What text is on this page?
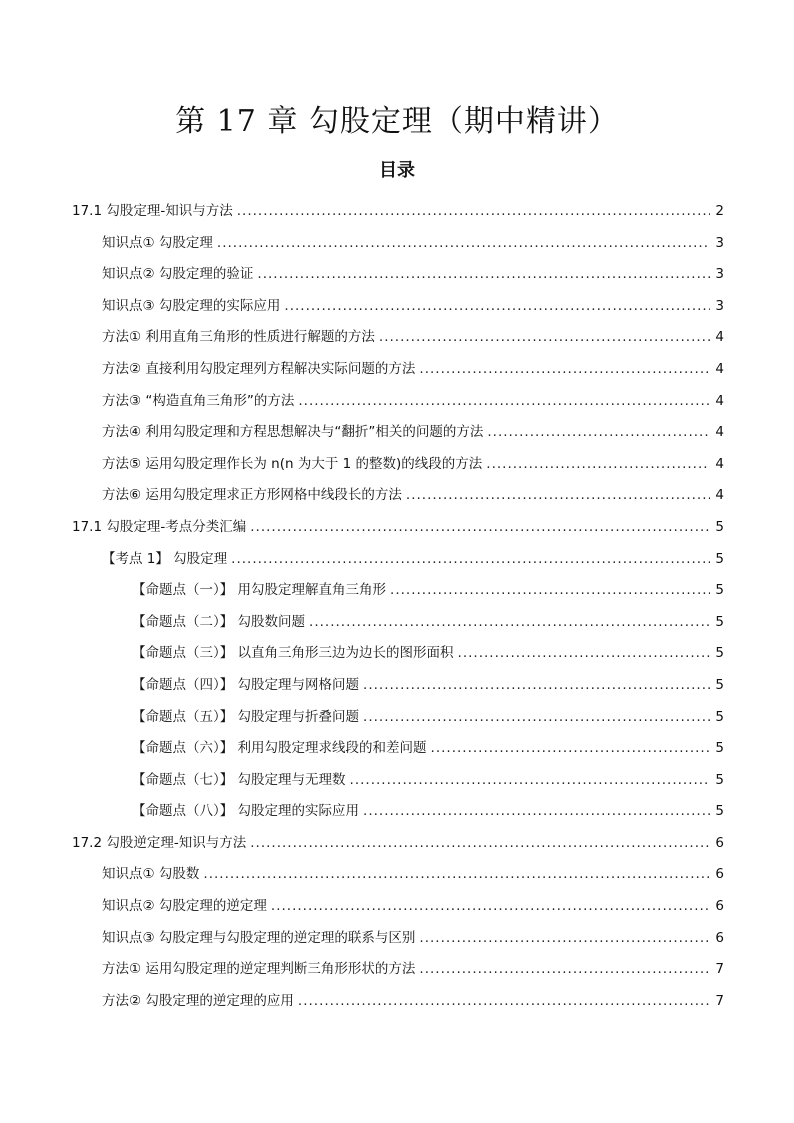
第 17 章 勾股定理（期中精讲）
目录
17.1 勾股定理-知识与方法 .....	2
知识点① 勾股定理 .....	3
知识点② 勾股定理的验证 .....	3
知识点③ 勾股定理的实际应用 .....	3
方法① 利用直角三角形的性质进行解题的方法 .....	4
方法② 直接利用勾股定理列方程解决实际问题的方法 .....	4
方法③ “构造直角三角形”的方法 .....	4
方法④ 利用勾股定理和方程思想解决与“翻折”相关的问题的方法 .....	4
方法⑤ 运用勾股定理作长为 n(n 为大于 1 的整数)的线段的方法 .....	4
方法⑥ 运用勾股定理求正方形网格中线段长的方法 .....	4
17.1 勾股定理-考点分类汇编 .....	5
【考点 1】 勾股定理 .....	5
【命题点（一）】 用勾股定理解直角三角形 .....	5
【命题点（二）】 勾股数问题 .....	5
【命题点（三）】 以直角三角形三边为边长的图形面积 .....	5
【命题点（四）】 勾股定理与网格问题 .....	5
【命题点（五）】 勾股定理与折叠问题 .....	5
【命题点（六）】 利用勾股定理求线段的和差问题 .....	5
【命题点（七）】 勾股定理与无理数 .....	5
【命题点（八）】 勾股定理的实际应用 .....	5
17.2 勾股逆定理-知识与方法 .....	6
知识点① 勾股数 .....	6
知识点② 勾股定理的逆定理 .....	6
知识点③ 勾股定理与勾股定理的逆定理的联系与区别 .....	6
方法① 运用勾股定理的逆定理判断三角形形状的方法 .....	7
方法② 勾股定理的逆定理的应用 .....	7
